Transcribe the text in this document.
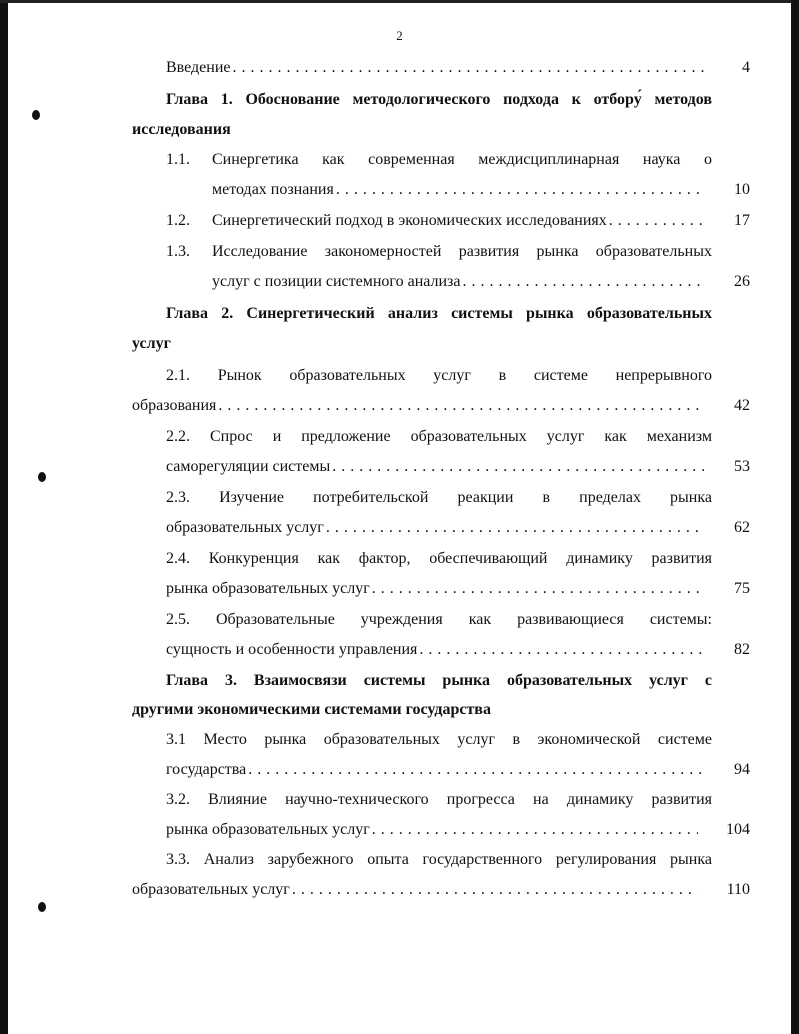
2
Введение . . .	4
Глава 1. Обоснование методологического подхода к отбору́ методов
исследования
1.1. Синергетика как современная междисциплинарная наука о
методах познания . . .	10
1.2. Синергетический подход в экономических исследованиях . . .	17
1.3. Исследование закономерностей развития рынка образовательных
услуг с позиции системного анализа . . .	26
Глава 2. Синергетический анализ системы рынка образовательных
услуг
2.1. Рынок образовательных услуг в системе непрерывного
образования . . .	42
2.2. Спрос и предложение образовательных услуг как механизм
саморегуляции системы . . .	53
2.3. Изучение потребительской реакции в пределах рынка
образовательных услуг . . .	62
2.4. Конкуренция как фактор, обеспечивающий динамику развития
рынка образовательных услуг . . .	75
2.5. Образовательные учреждения как развивающиеся системы:
сущность и особенности управления . . .	82
Глава 3. Взаимосвязи системы рынка образовательных услуг с
другими экономическими системами государства
3.1 Место рынка образовательных услуг в экономической системе
государства . . .	94
3.2. Влияние научно-технического прогресса на динамику развития
рынка образовательных услуг . . .	104
3.3. Анализ зарубежного опыта государственного регулирования рынка
образовательных услуг . . .	110
